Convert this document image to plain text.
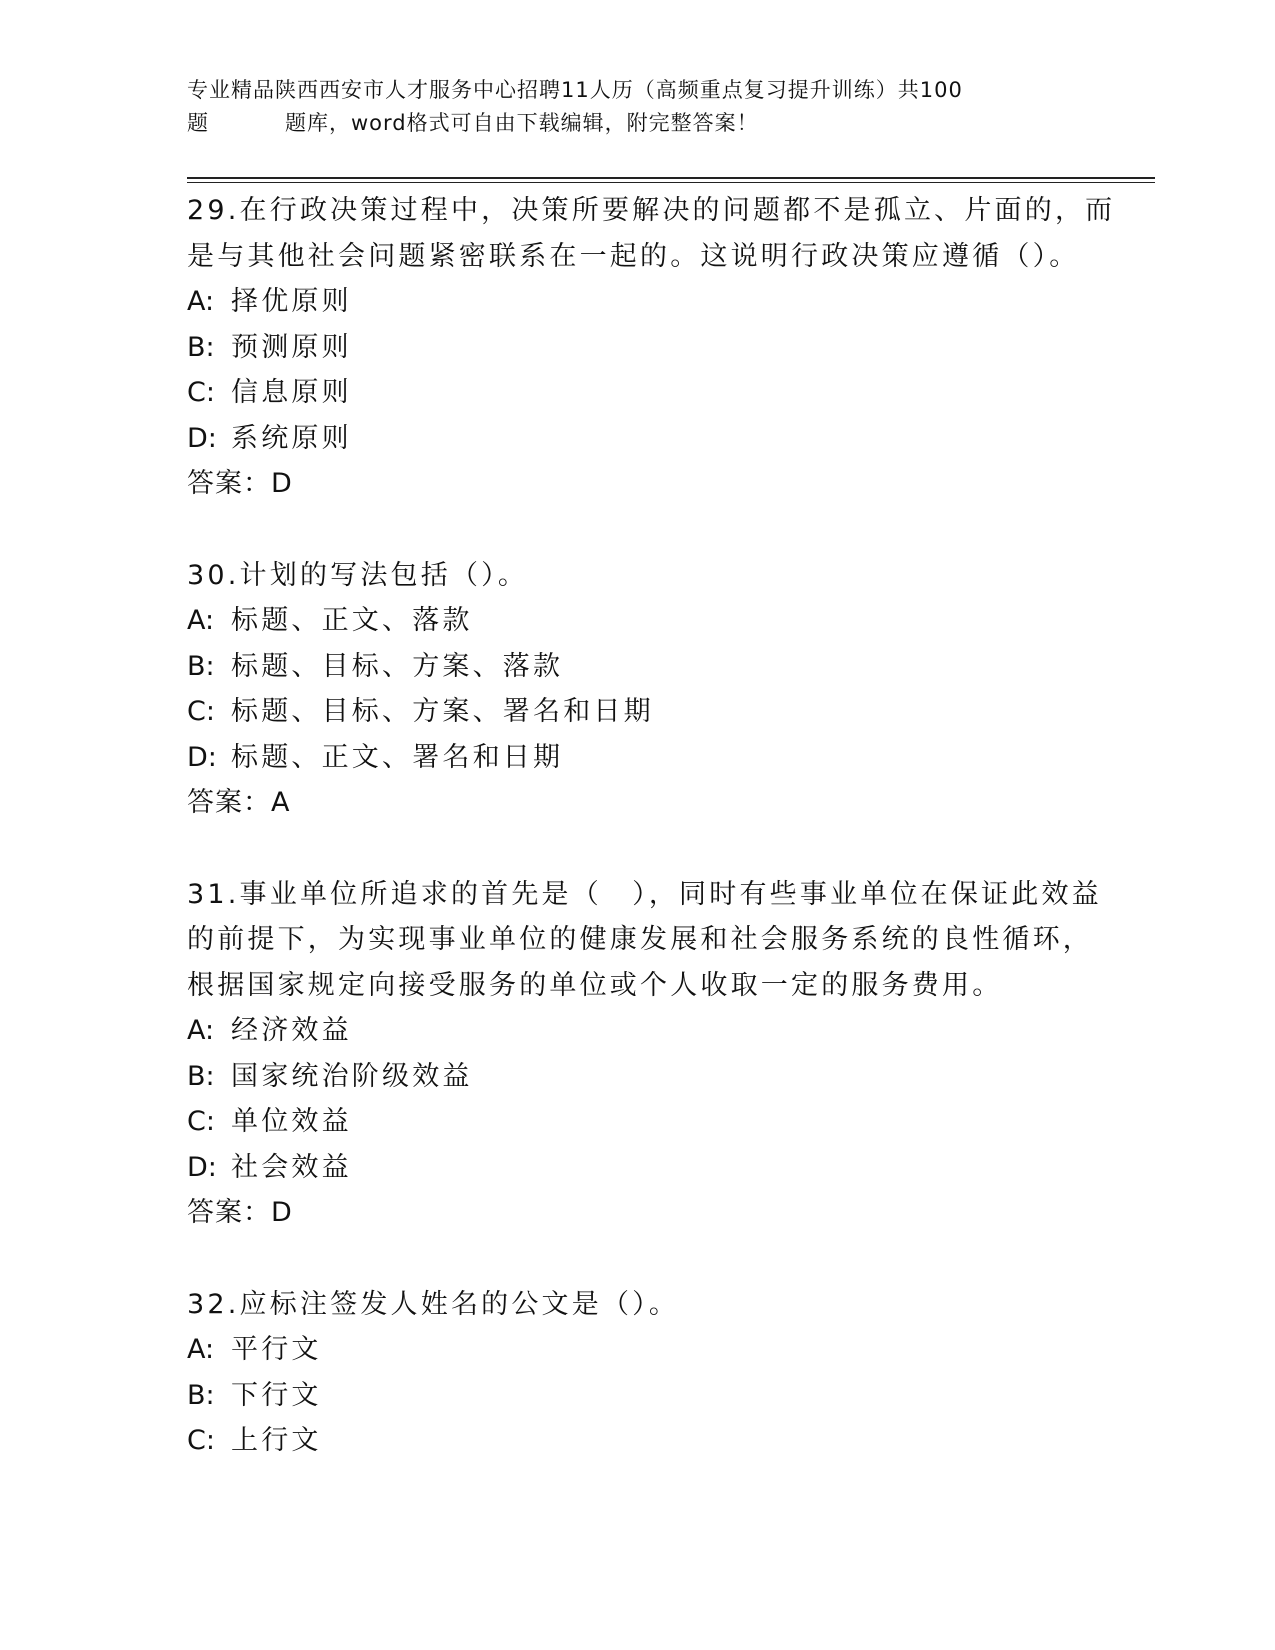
专业精品陕西西安市人才服务中心招聘11人历（高频重点复习提升训练）共100
题	题库，word格式可自由下载编辑，附完整答案！
29.在行政决策过程中，决策所要解决的问题都不是孤立、片面的，而
是与其他社会问题紧密联系在一起的。这说明行政决策应遵循（）。
A: 择优原则
B: 预测原则
C: 信息原则
D: 系统原则
答案：D
30.计划的写法包括（）。
A: 标题、正文、落款
B: 标题、目标、方案、落款
C: 标题、目标、方案、署名和日期
D: 标题、正文、署名和日期
答案：A
31.事业单位所追求的首先是（　），同时有些事业单位在保证此效益
的前提下，为实现事业单位的健康发展和社会服务系统的良性循环，
根据国家规定向接受服务的单位或个人收取一定的服务费用。
A: 经济效益
B: 国家统治阶级效益
C: 单位效益
D: 社会效益
答案：D
32.应标注签发人姓名的公文是（）。
A: 平行文
B: 下行文
C: 上行文
